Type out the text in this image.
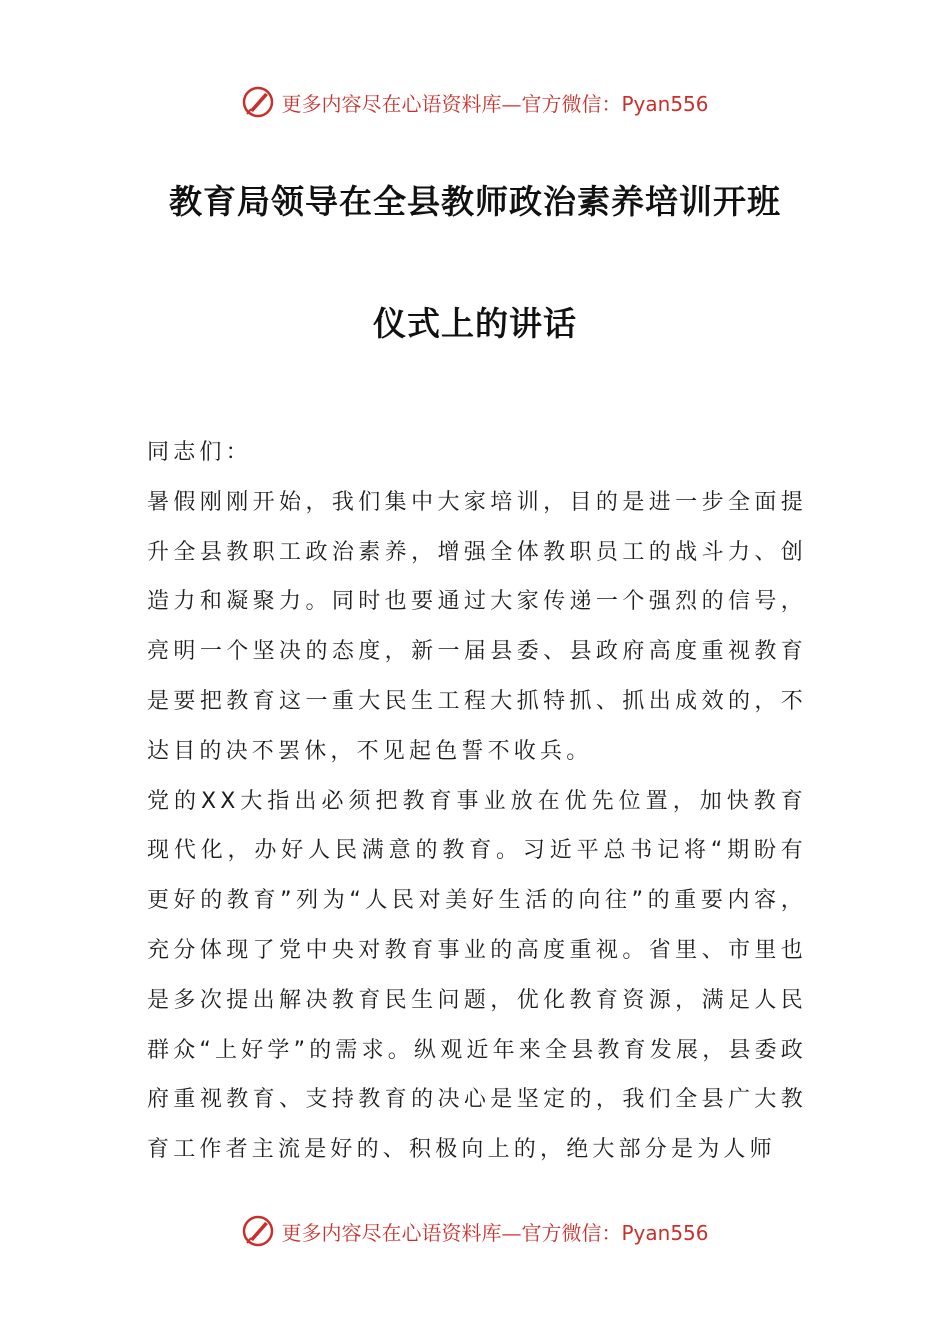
更多内容尽在心语资料库—官方微信：Pyan556
教育局领导在全县教师政治素养培训开班
仪式上的讲话

同志们：

暑假刚刚开始，我们集中大家培训，目的是进一步全面提升全县教职工政治素养，增强全体教职员工的战斗力、创造力和凝聚力。同时也要通过大家传递一个强烈的信号，亮明一个坚决的态度，新一届县委、县政府高度重视教育是要把教育这一重大民生工程大抓特抓、抓出成效的，不达目的决不罢休，不见起色誓不收兵。

党的XX大指出必须把教育事业放在优先位置，加快教育现代化，办好人民满意的教育。习近平总书记将“期盼有更好的教育”列为“人民对美好生活的向往”的重要内容，充分体现了党中央对教育事业的高度重视。省里、市里也是多次提出解决教育民生问题，优化教育资源，满足人民群众“上好学”的需求。纵观近年来全县教育发展，县委政府重视教育、支持教育的决心是坚定的，我们全县广大教育工作者主流是好的、积极向上的，绝大部分是为人师

更多内容尽在心语资料库—官方微信：Pyan556
